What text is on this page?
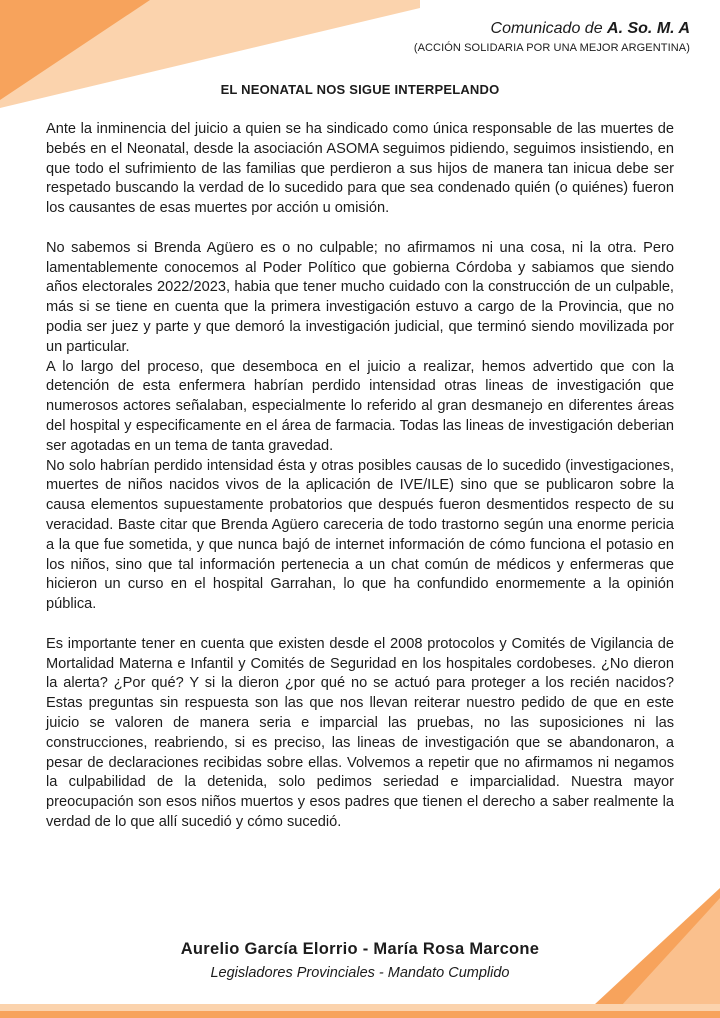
Comunicado de A. So. M. A
(ACCIÓN SOLIDARIA POR UNA MEJOR ARGENTINA)
EL NEONATAL NOS SIGUE INTERPELANDO

Ante la inminencia del juicio a quien se ha sindicado como única responsable de las muertes de bebés en el Neonatal, desde la asociación ASOMA seguimos pidiendo, seguimos insistiendo, en que todo el sufrimiento de las familias que perdieron a sus hijos de manera tan inicua debe ser respetado buscando la verdad de lo sucedido para que sea condenado quién (o quiénes) fueron los causantes de esas muertes por acción u omisión.

No sabemos si Brenda Agüero es o no culpable; no afirmamos ni una cosa, ni la otra. Pero lamentablemente conocemos al Poder Político que gobierna Córdoba y sabiamos que siendo años electorales 2022/2023, habia que tener mucho cuidado con la construcción de un culpable, más si se tiene en cuenta que la primera investigación estuvo a cargo de la Provincia, que no podia ser juez y parte y que demoró la investigación judicial, que terminó siendo movilizada por un particular.

A lo largo del proceso, que desemboca en el juicio a realizar, hemos advertido que con la detención de esta enfermera habrían perdido intensidad otras lineas de investigación que numerosos actores señalaban, especialmente lo referido al gran desmanejo en diferentes áreas del hospital y especificamente en el área de farmacia. Todas las lineas de investigación deberian ser agotadas en un tema de tanta gravedad.

No solo habrían perdido intensidad ésta y otras posibles causas de lo sucedido (investigaciones, muertes de niños nacidos vivos de la aplicación de IVE/ILE) sino que se publicaron sobre la causa elementos supuestamente probatorios que después fueron desmentidos respecto de su veracidad. Baste citar que Brenda Agüero careceria de todo trastorno según una enorme pericia a la que fue sometida, y que nunca bajó de internet información de cómo funciona el potasio en los niños, sino que tal información pertenecia a un chat común de médicos y enfermeras que hicieron un curso en el hospital Garrahan, lo que ha confundido enormemente a la opinión pública.

Es importante tener en cuenta que existen desde el 2008 protocolos y Comités de Vigilancia de Mortalidad Materna e Infantil y Comités de Seguridad en los hospitales cordobeses. ¿No dieron la alerta? ¿Por qué? Y si la dieron ¿por qué no se actuó para proteger a los recién nacidos? Estas preguntas sin respuesta son las que nos llevan reiterar nuestro pedido de que en este juicio se valoren de manera seria e imparcial las pruebas, no las suposiciones ni las construcciones, reabriendo, si es preciso, las lineas de investigación que se abandonaron, a pesar de declaraciones recibidas sobre ellas. Volvemos a repetir que no afirmamos ni negamos la culpabilidad de la detenida, solo pedimos seriedad e imparcialidad. Nuestra mayor preocupación son esos niños muertos y esos padres que tienen el derecho a saber realmente la verdad de lo que allí sucedió y cómo sucedió.

Aurelio García Elorrio - María Rosa Marcone
Legisladores Provinciales - Mandato Cumplido
